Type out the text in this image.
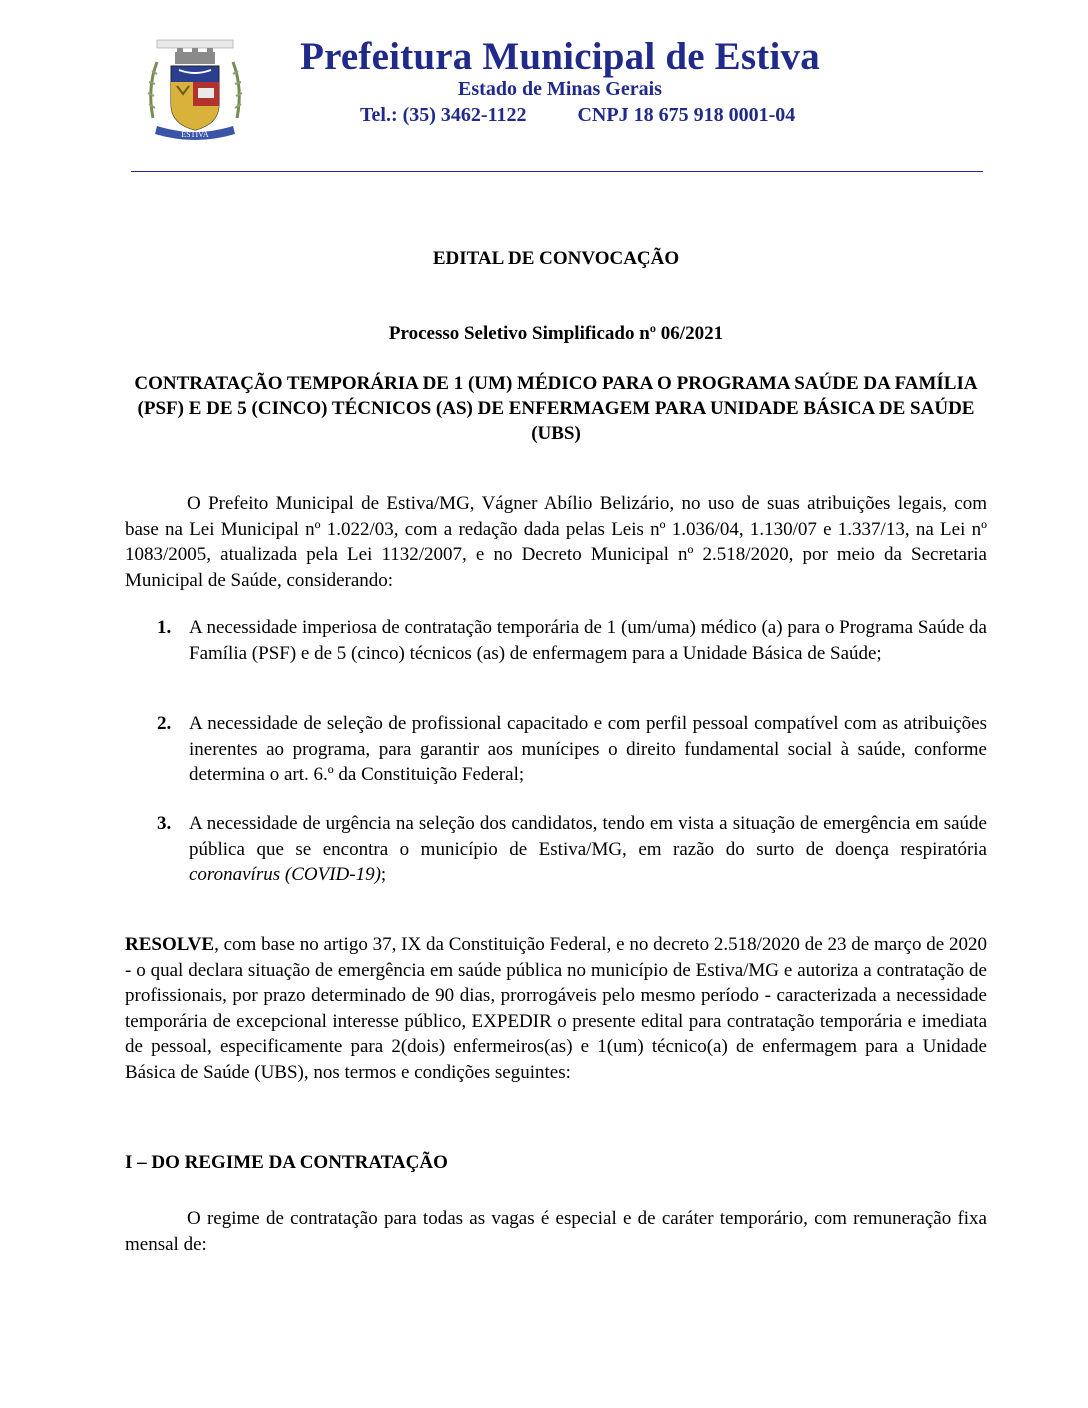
ESTIVA
Prefeitura Municipal de Estiva
Estado de Minas Gerais
Tel.: (35) 3462-1122	CNPJ 18 675 918 0001-04
EDITAL DE CONVOCAÇÃO
Processo Seletivo Simplificado nº 06/2021
CONTRATAÇÃO TEMPORÁRIA DE 1 (UM) MÉDICO PARA O PROGRAMA SAÚDE DA FAMÍLIA (PSF) E DE 5 (CINCO) TÉCNICOS (AS) DE ENFERMAGEM PARA UNIDADE BÁSICA DE SAÚDE (UBS)
O Prefeito Municipal de Estiva/MG, Vágner Abílio Belizário, no uso de suas atribuições legais, com base na Lei Municipal nº 1.022/03, com a redação dada pelas Leis nº 1.036/04, 1.130/07 e 1.337/13, na Lei nº 1083/2005, atualizada pela Lei 1132/2007, e no Decreto Municipal nº 2.518/2020, por meio da Secretaria Municipal de Saúde, considerando:
1. A necessidade imperiosa de contratação temporária de 1 (um/uma) médico (a) para o Programa Saúde da Família (PSF) e de 5 (cinco) técnicos (as) de enfermagem para a Unidade Básica de Saúde;
2. A necessidade de seleção de profissional capacitado e com perfil pessoal compatível com as atribuições inerentes ao programa, para garantir aos munícipes o direito fundamental social à saúde, conforme determina o art. 6.º da Constituição Federal;
3. A necessidade de urgência na seleção dos candidatos, tendo em vista a situação de emergência em saúde pública que se encontra o município de Estiva/MG, em razão do surto de doença respiratória coronavírus (COVID-19);
RESOLVE, com base no artigo 37, IX da Constituição Federal, e no decreto 2.518/2020 de 23 de março de 2020 - o qual declara situação de emergência em saúde pública no município de Estiva/MG e autoriza a contratação de profissionais, por prazo determinado de 90 dias, prorrogáveis pelo mesmo período - caracterizada a necessidade temporária de excepcional interesse público, EXPEDIR o presente edital para contratação temporária e imediata de pessoal, especificamente para 2(dois) enfermeiros(as) e 1(um) técnico(a) de enfermagem para a Unidade Básica de Saúde (UBS), nos termos e condições seguintes:
I – DO REGIME DA CONTRATAÇÃO
O regime de contratação para todas as vagas é especial e de caráter temporário, com remuneração fixa mensal de:
